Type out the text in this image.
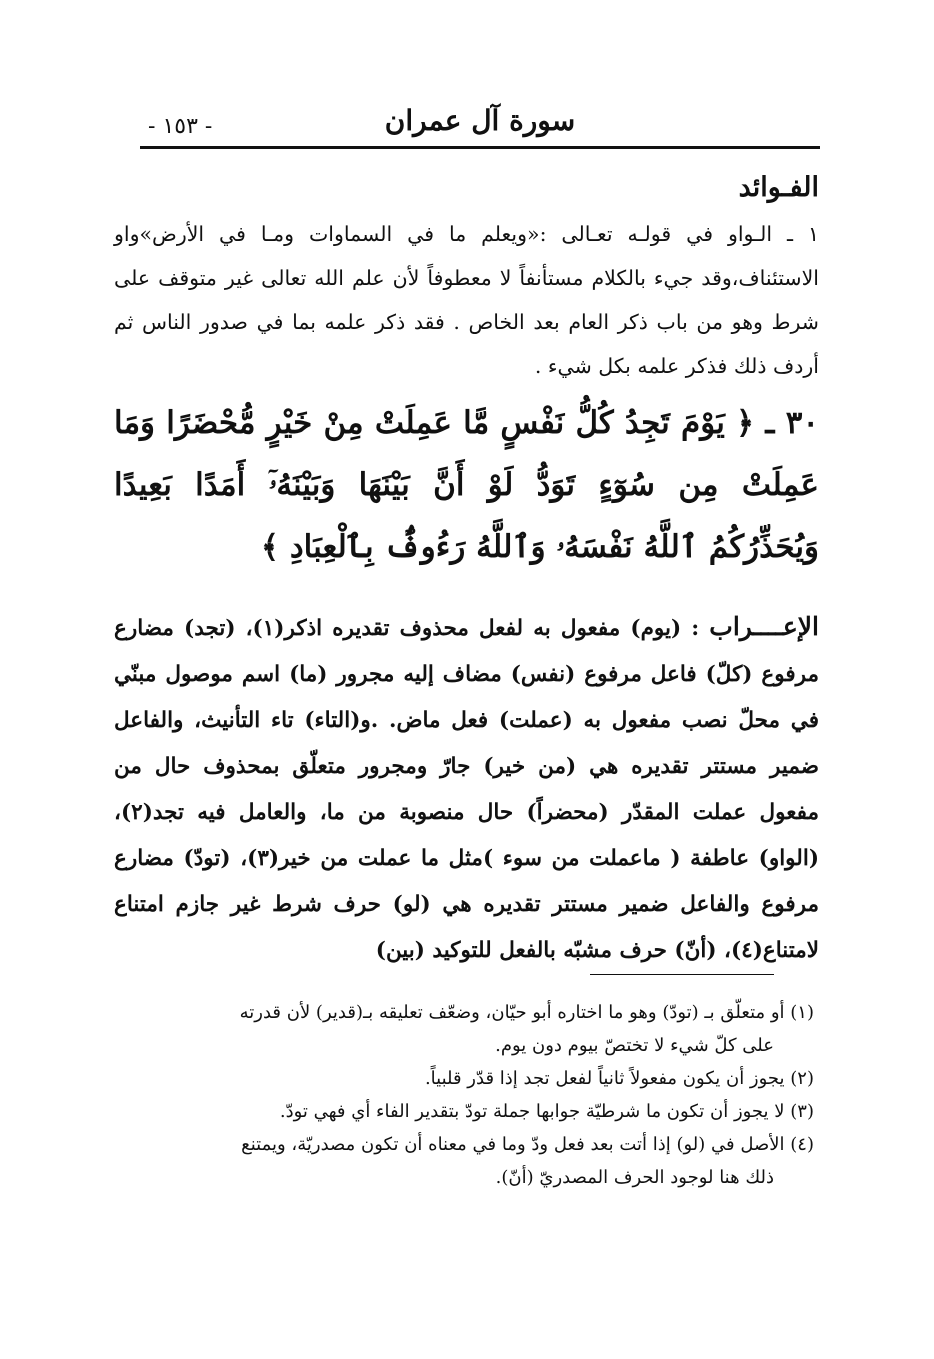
- ١٥٣ -	سورة آل عمران
الفـوائد
١ ـ الـواو في قولـه تعـالى :«ويعلم ما في السماوات ومـا في الأرض»واو الاستئناف،وقد جيء بالكلام مستأنفاً لا معطوفاً لأن علم الله تعالى غير متوقف على شرط وهو من باب ذكر العام بعد الخاص . فقد ذكر علمه بما في صدور الناس ثم أردف ذلك فذكر علمه بكل شيء .
٣٠ ـ ﴿ يَوْمَ تَجِدُ كُلُّ نَفْسٍ مَّا عَمِلَتْ مِنْ خَيْرٍ مُّحْضَرًا وَمَا عَمِلَتْ مِن سُوٓءٍ تَوَدُّ لَوْ أَنَّ بَيْنَهَا وَبَيْنَهُۥٓ أَمَدًا بَعِيدًا وَيُحَذِّرُكُمُ ٱللَّهُ نَفْسَهُۥ وَٱللَّهُ رَءُوفٌۢ بِٱلْعِبَادِ ﴾
الإعــــراب : (يوم) مفعول به لفعل محذوف تقديره اذكر(١)، (تجد) مضارع مرفوع (كلّ) فاعل مرفوع (نفس) مضاف إليه مجرور (ما) اسم موصول مبنّي في محلّ نصب مفعول به (عملت) فعل ماض. .و(التاء) تاء التأنيث، والفاعل ضمير مستتر تقديره هي (من خير) جارّ ومجرور متعلّق بمحذوف حال من مفعول عملت المقدّر (محضراً) حال منصوبة من ما، والعامل فيه تجد(٢)، (الواو) عاطفة ( ماعملت من سوء )مثل ما عملت من خير(٣)، (تودّ) مضارع مرفوع والفاعل ضمير مستتر تقديره هي (لو) حرف شرط غير جازم امتناع لامتناع(٤)، (أنّ) حرف مشبّه بالفعل للتوكيد (بين)
(١) أو متعلّق بـ (تودّ) وهو ما اختاره أبو حيّان، وضعّف تعليقه بـ(قدير) لأن قدرته
على كلّ شيء لا تختصّ بيوم دون يوم.
(٢) يجوز أن يكون مفعولاً ثانياً لفعل تجد إذا قدّر قلبياً.
(٣) لا يجوز أن تكون ما شرطيّة جوابها جملة تودّ بتقدير الفاء أي فهي تودّ.
(٤) الأصل في (لو) إذا أتت بعد فعل ودّ وما في معناه أن تكون مصدريّة، ويمتنع
ذلك هنا لوجود الحرف المصدريّ (أنّ).
